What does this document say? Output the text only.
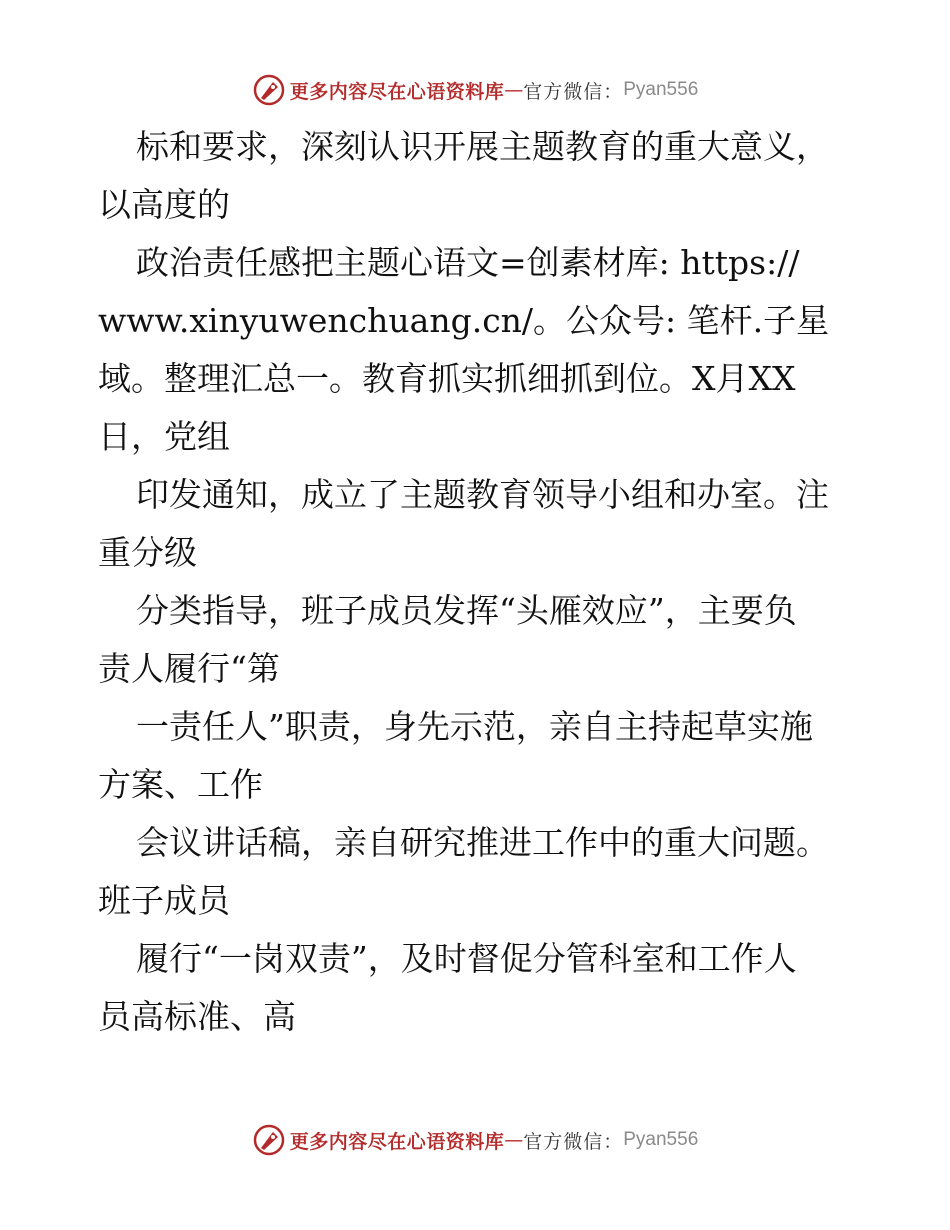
更多内容尽在心语资料库 — 官方微信： Pyan556
标和要求，深刻认识开展主题教育的重大意义，
以高度的
政治责任感把主题心语文=创素材库: https://
www.xinyuwenchuang.cn/。公众号: 笔杆.子星
域。整理汇总一。教育抓实抓细抓到位。X月XX
日，党组
印发通知，成立了主题教育领导小组和办室。注
重分级
分类指导，班子成员发挥“头雁效应”，主要负
责人履行“第
一责任人”职责，身先示范，亲自主持起草实施
方案、工作
会议讲话稿，亲自研究推进工作中的重大问题。
班子成员
履行“一岗双责”，及时督促分管科室和工作人
员高标准、高
更多内容尽在心语资料库 — 官方微信： Pyan556
